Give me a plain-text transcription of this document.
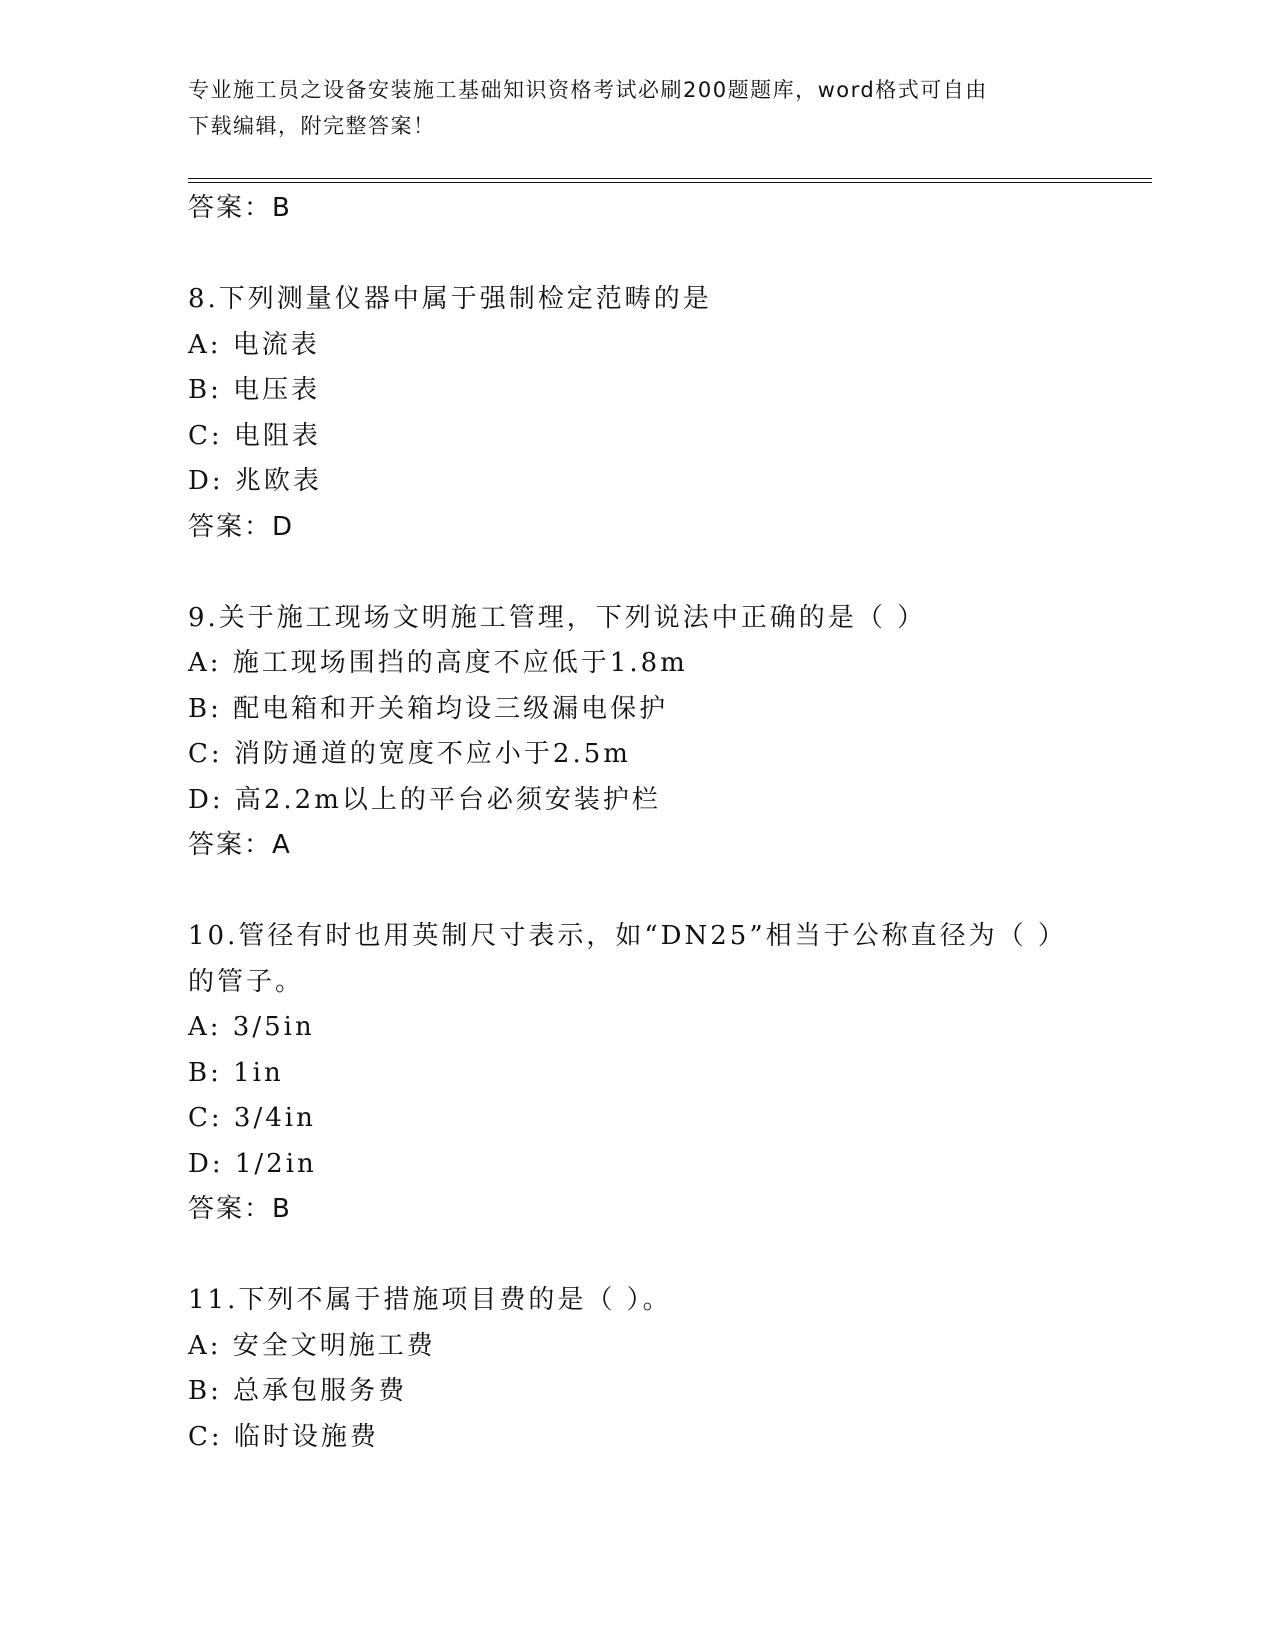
专业施工员之设备安装施工基础知识资格考试必刷200题题库，word格式可自由
下载编辑，附完整答案！
答案：B
8.下列测量仪器中属于强制检定范畴的是
A: 电流表
B: 电压表
C: 电阻表
D: 兆欧表
答案：D
9.关于施工现场文明施工管理，下列说法中正确的是（ ）
A: 施工现场围挡的高度不应低于1.8m
B: 配电箱和开关箱均设三级漏电保护
C: 消防通道的宽度不应小于2.5m
D: 高2.2m以上的平台必须安装护栏
答案：A
10.管径有时也用英制尺寸表示，如“DN25”相当于公称直径为（ ）
的管子。
A: 3/5in
B: 1in
C: 3/4in
D: 1/2in
答案：B
11.下列不属于措施项目费的是（ ）。
A: 安全文明施工费
B: 总承包服务费
C: 临时设施费
